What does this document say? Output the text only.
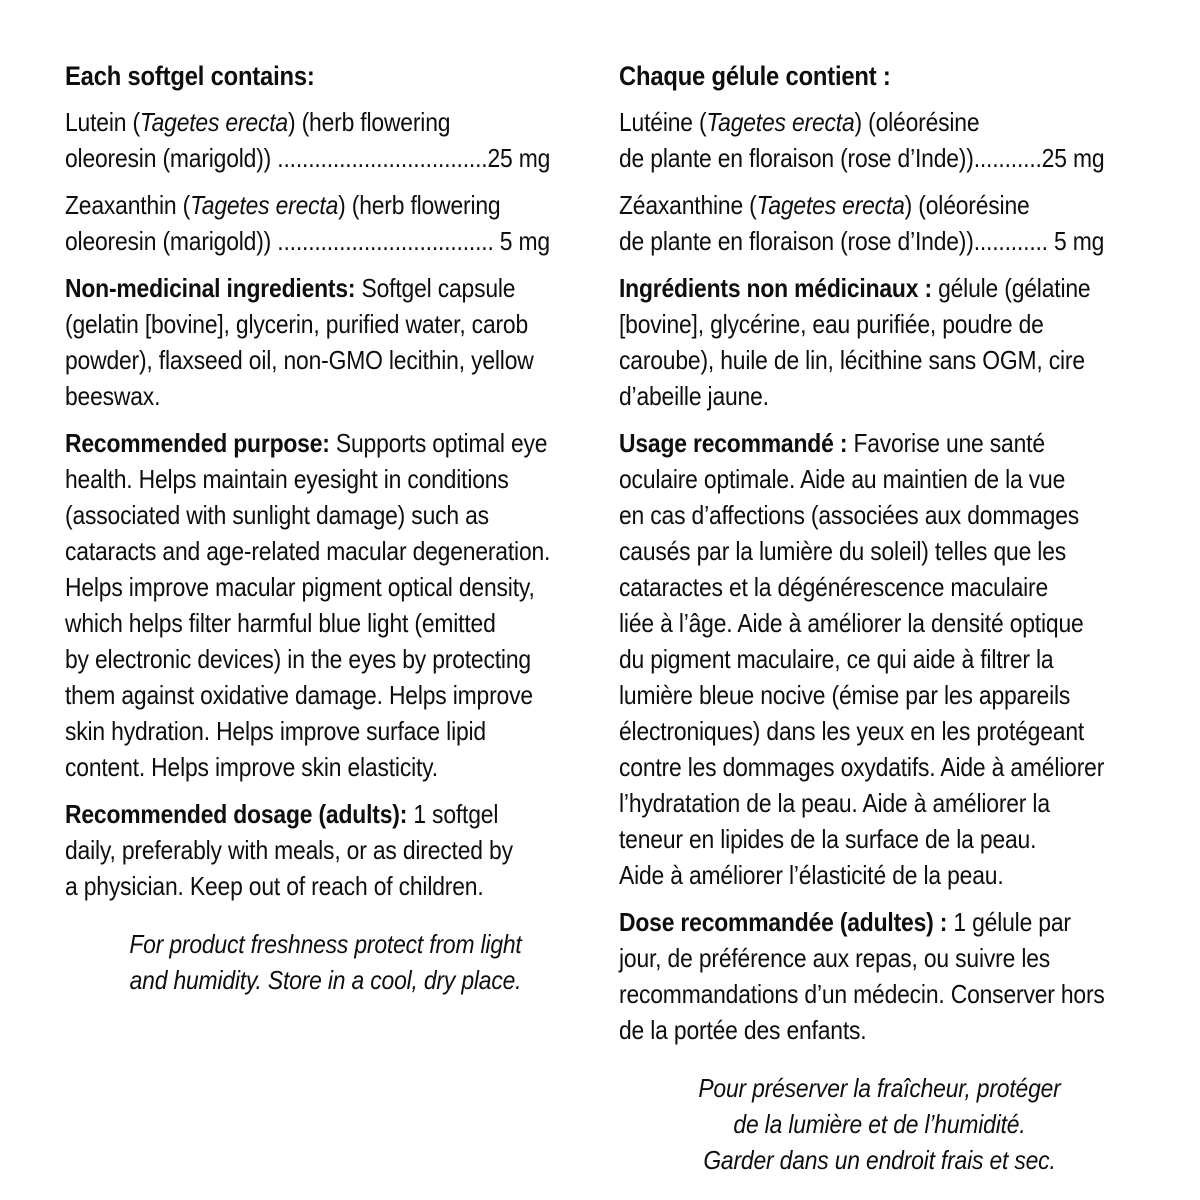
Each softgel contains:
Lutein (Tagetes erecta) (herb flowering
oleoresin (marigold)) ..................................25 mg
Zeaxanthin (Tagetes erecta) (herb flowering
oleoresin (marigold)) ................................... 5 mg
Non-medicinal ingredients: Softgel capsule
(gelatin [bovine], glycerin, purified water, carob
powder), flaxseed oil, non-GMO lecithin, yellow
beeswax.
Recommended purpose: Supports optimal eye
health. Helps maintain eyesight in conditions
(associated with sunlight damage) such as
cataracts and age-related macular degeneration.
Helps improve macular pigment optical density,
which helps filter harmful blue light (emitted
by electronic devices) in the eyes by protecting
them against oxidative damage. Helps improve
skin hydration. Helps improve surface lipid
content. Helps improve skin elasticity.
Recommended dosage (adults): 1 softgel
daily, preferably with meals, or as directed by
a physician. Keep out of reach of children.
For product freshness protect from light
and humidity. Store in a cool, dry place.
Chaque gélule contient :
Lutéine (Tagetes erecta) (oléorésine
de plante en floraison (rose d’Inde))...........25 mg
Zéaxanthine (Tagetes erecta) (oléorésine
de plante en floraison (rose d’Inde))............ 5 mg
Ingrédients non médicinaux : gélule (gélatine
[bovine], glycérine, eau purifiée, poudre de
caroube), huile de lin, lécithine sans OGM, cire
d’abeille jaune.
Usage recommandé : Favorise une santé
oculaire optimale. Aide au maintien de la vue
en cas d’affections (associées aux dommages
causés par la lumière du soleil) telles que les
cataractes et la dégénérescence maculaire
liée à l’âge. Aide à améliorer la densité optique
du pigment maculaire, ce qui aide à filtrer la
lumière bleue nocive (émise par les appareils
électroniques) dans les yeux en les protégeant
contre les dommages oxydatifs. Aide à améliorer
l’hydratation de la peau. Aide à améliorer la
teneur en lipides de la surface de la peau.
Aide à améliorer l’élasticité de la peau.
Dose recommandée (adultes) : 1 gélule par
jour, de préférence aux repas, ou suivre les
recommandations d’un médecin. Conserver hors
de la portée des enfants.
Pour préserver la fraîcheur, protéger
de la lumière et de l’humidité.
Garder dans un endroit frais et sec.
